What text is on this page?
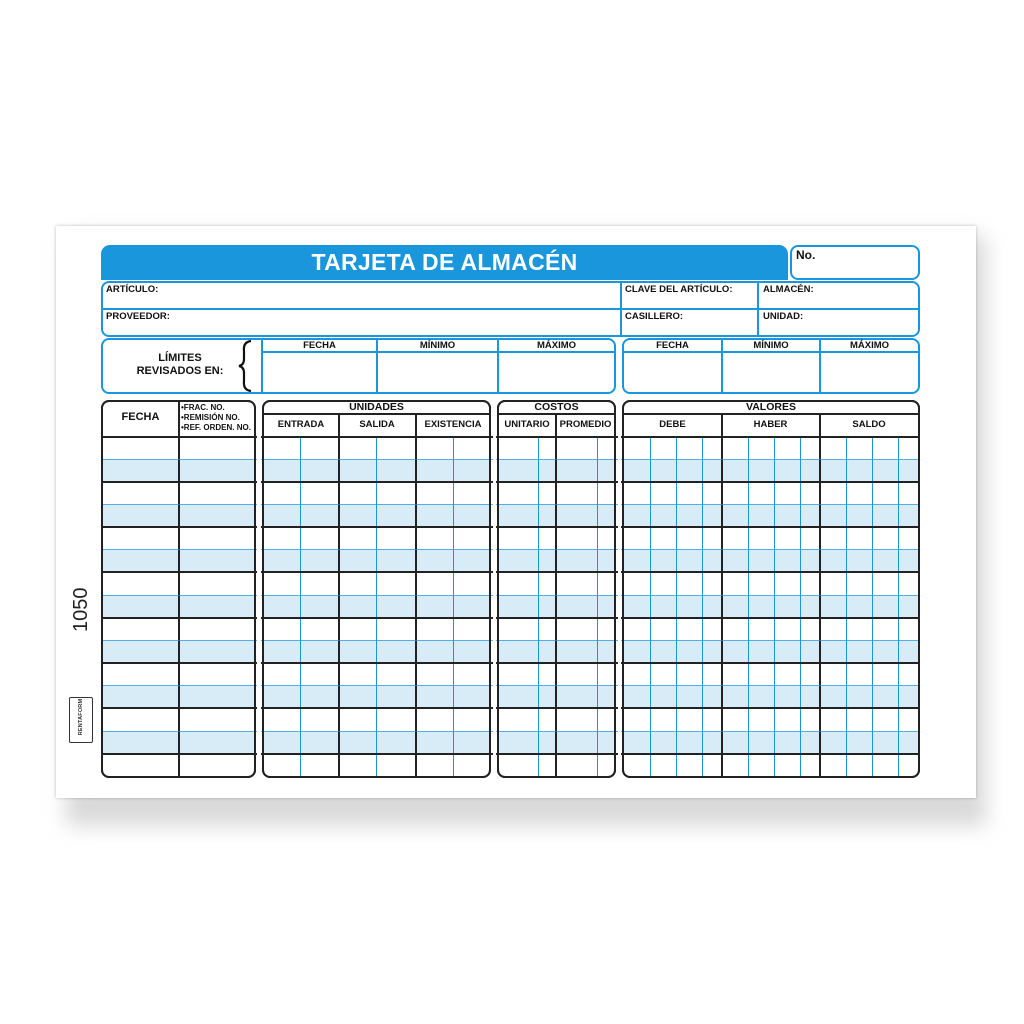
TARJETA DE ALMACÉN	No.
ARTÍCULO:
PROVEEDOR:
CLAVE DEL ARTÍCULO:
CASILLERO:
ALMACÉN:
UNIDAD:
LÍMITES
REVISADOS EN:
FECHA	MÍNIMO	MÁXIMO	FECHA	MÍNIMO	MÁXIMO
FECHA
•FRAC. NO.
•REMISIÓN NO.
•REF. ORDEN. NO.
UNIDADES
ENTRADA	SALIDA	EXISTENCIA
COSTOS
UNITARIO	PROMEDIO
VALORES
DEBE	HABER	SALDO
1050
RENTAFORM
